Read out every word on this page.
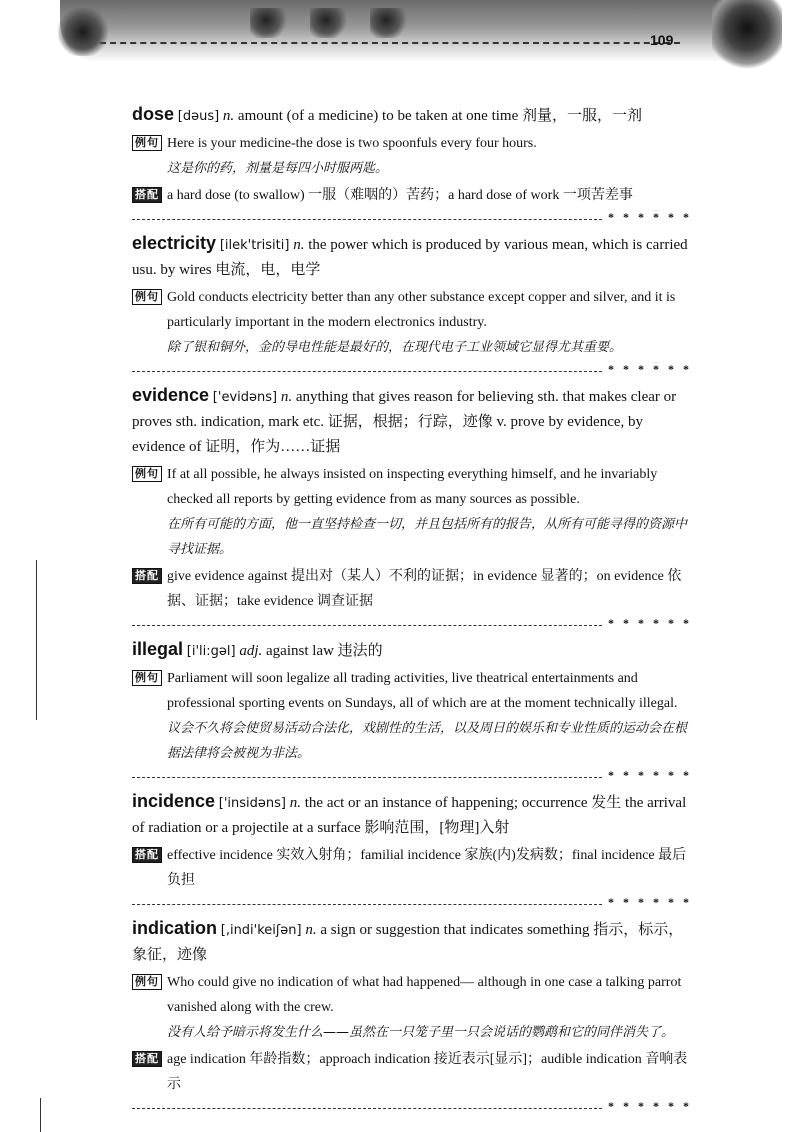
109
dose [dəus] n. amount (of a medicine) to be taken at one time 剂量，一服，一剂
例句 Here is your medicine-the dose is two spoonfuls every four hours.
这是你的药，剂量是每四小时服两匙。
搭配 a hard dose (to swallow) 一服（难咽的）苦药；a hard dose of work 一项苦差事
* * * * * *
electricity [ilek'trisiti] n. the power which is produced by various mean, which is carried usu. by wires 电流，电，电学
例句 Gold conducts electricity better than any other substance except copper and silver, and it is particularly important in the modern electronics industry.
除了银和铜外，金的导电性能是最好的，在现代电子工业领域它显得尤其重要。
* * * * * *
evidence ['evidəns] n. anything that gives reason for believing sth. that makes clear or proves sth. indication, mark etc. 证据，根据；行踪，迹像 v. prove by evidence, by evidence of 证明，作为……证据
例句 If at all possible, he always insisted on inspecting everything himself, and he invariably checked all reports by getting evidence from as many sources as possible.
在所有可能的方面，他一直坚持检查一切，并且包括所有的报告，从所有可能寻得的资源中寻找证据。
搭配 give evidence against 提出对（某人）不利的证据；in evidence 显著的；on evidence 依据、证据；take evidence 调查证据
* * * * * *
illegal [i'li:gəl] adj. against law 违法的
例句 Parliament will soon legalize all trading activities, live theatrical entertainments and professional sporting events on Sundays, all of which are at the moment technically illegal.
议会不久将会使贸易活动合法化，戏剧性的生活，以及周日的娱乐和专业性质的运动会在根据法律将会被视为非法。
* * * * * *
incidence ['insidəns] n. the act or an instance of happening; occurrence 发生 the arrival of radiation or a projectile at a surface 影响范围，[物理]入射
搭配 effective incidence 实效入射角；familial incidence 家族(内)发病数；final incidence 最后负担
* * * * * *
indication [,indi'keiʃən] n. a sign or suggestion that indicates something 指示，标示，象征，迹像
例句 Who could give no indication of what had happened— although in one case a talking parrot vanished along with the crew.
没有人给予暗示将发生什么——虽然在一只笼子里一只会说话的鹦鹉和它的同伴消失了。
搭配 age indication 年龄指数；approach indication 接近表示[显示]；audible indication 音响表示
* * * * * *
